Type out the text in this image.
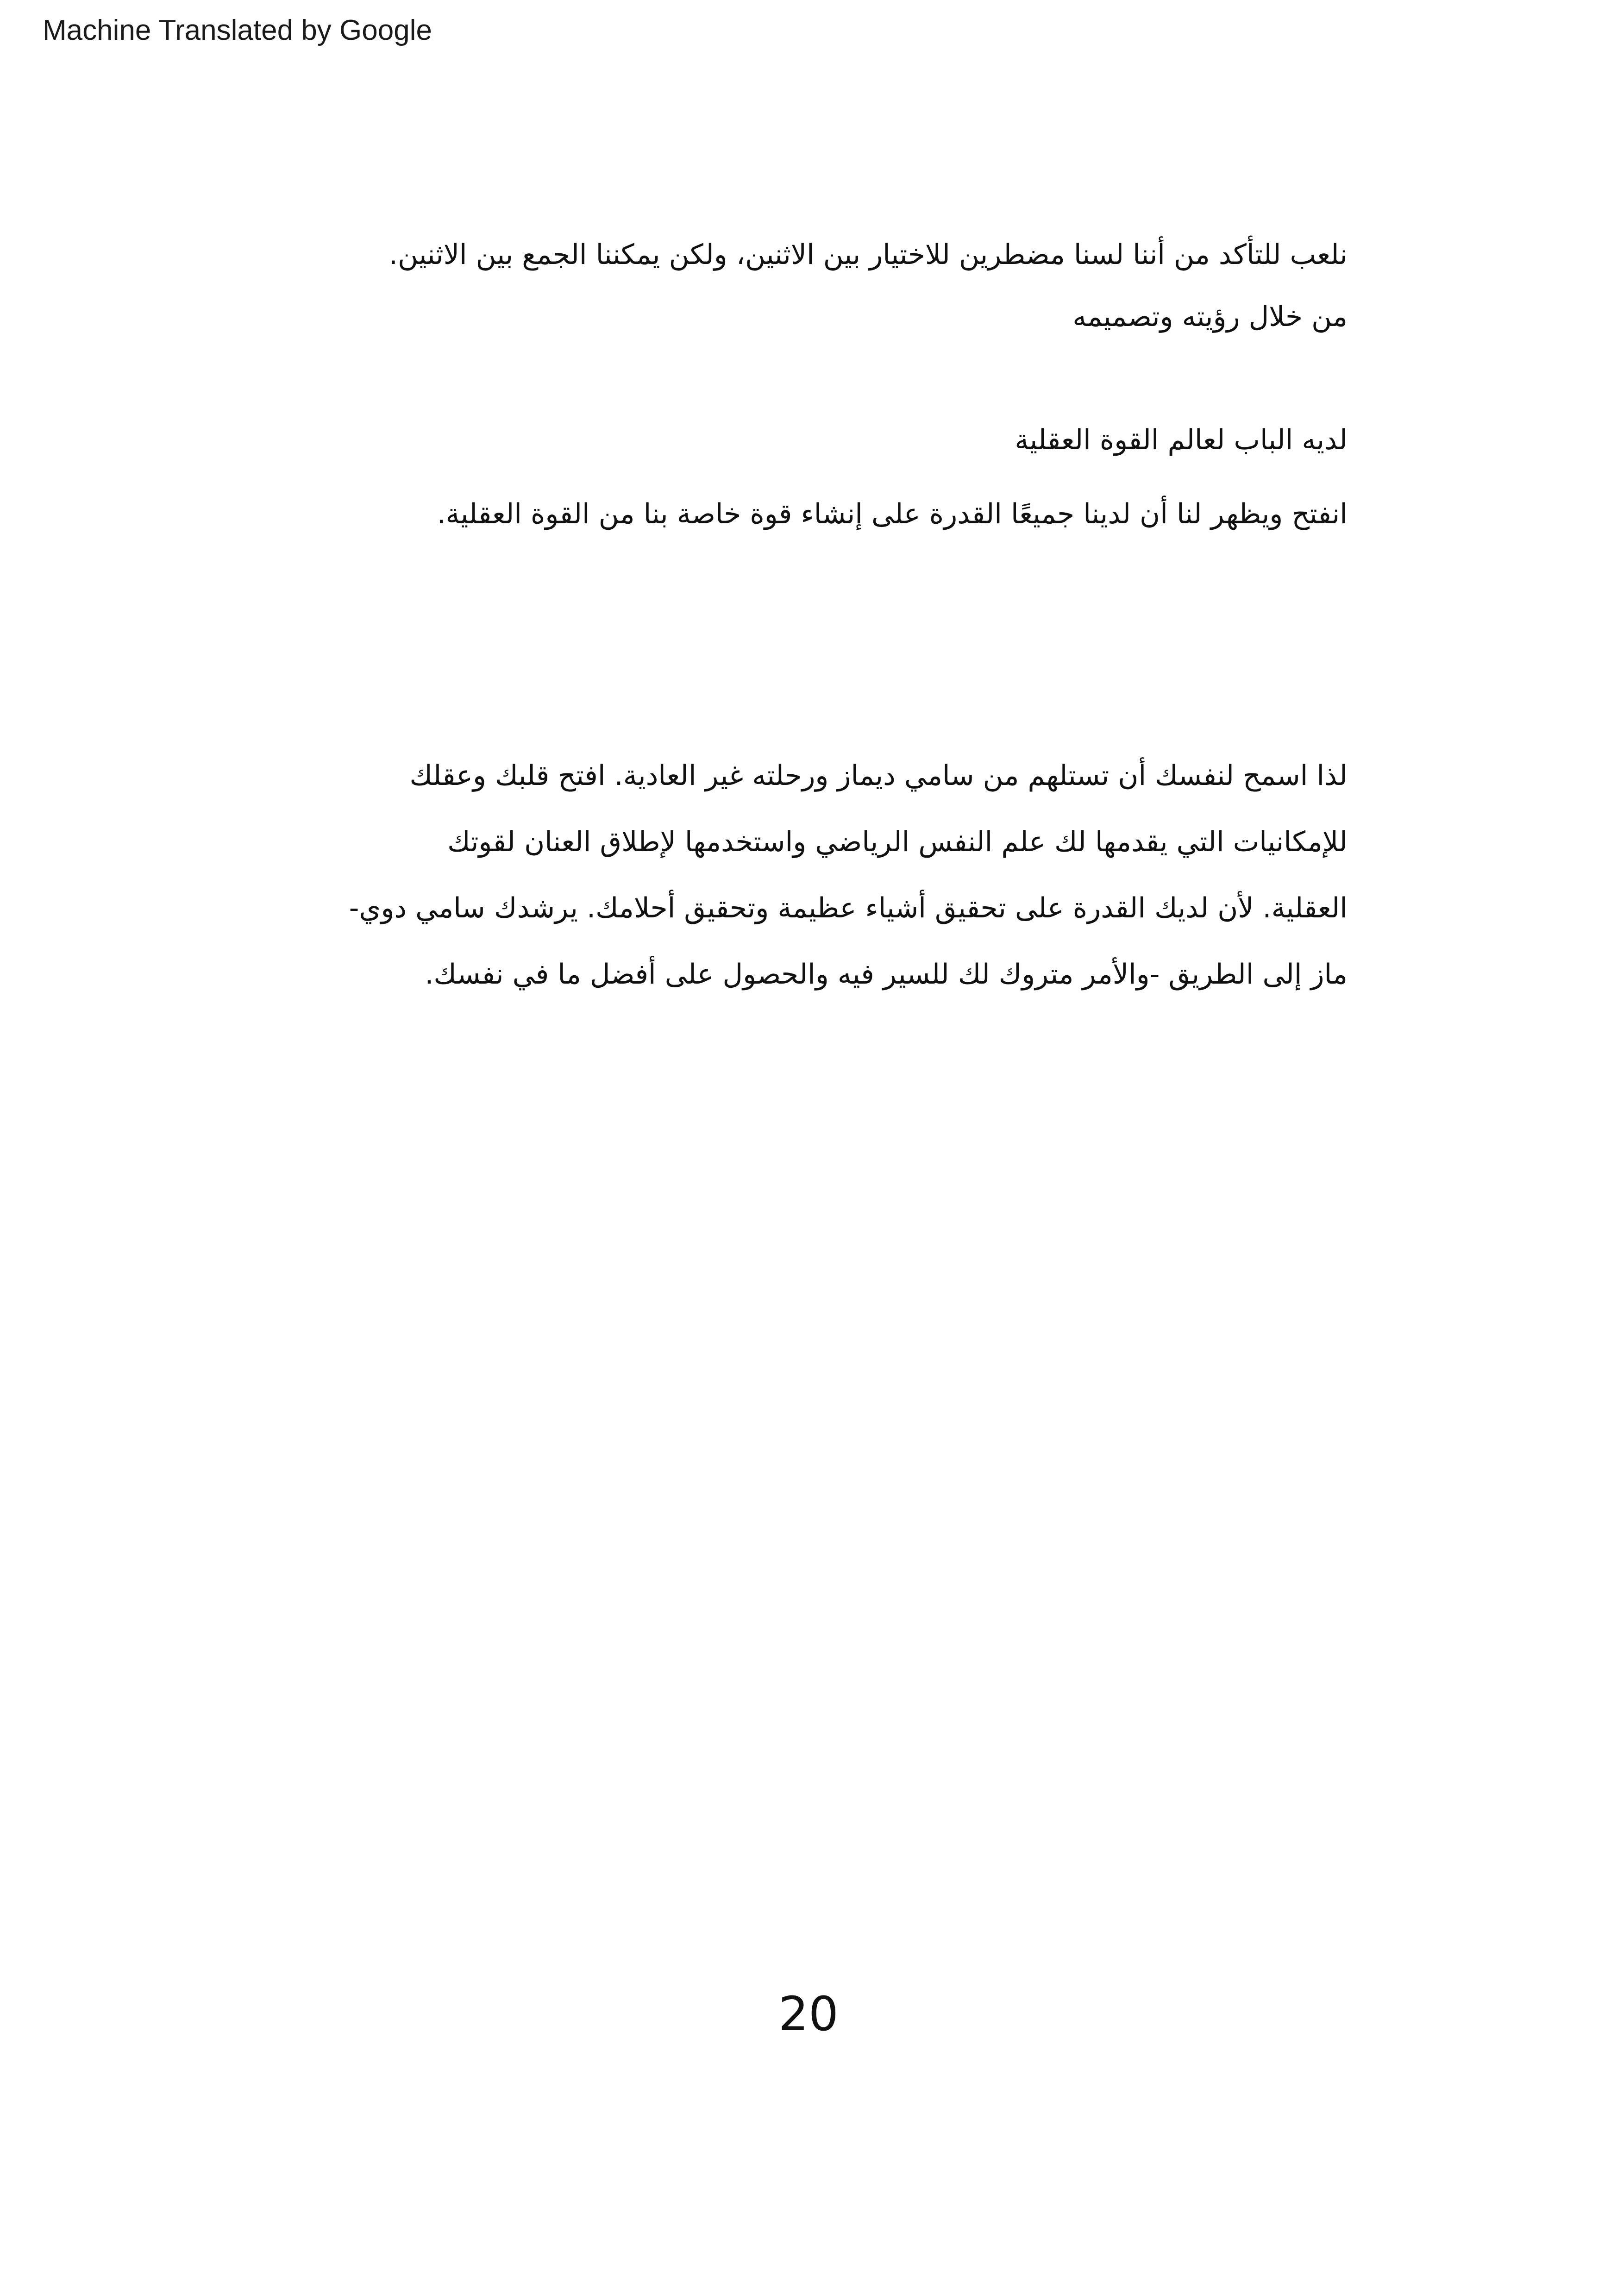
Machine Translated by Google
نلعب للتأكد من أننا لسنا مضطرين للاختيار بين الاثنين، ولكن يمكننا الجمع بين الاثنين.
من خلال رؤيته وتصميمه
لديه الباب لعالم القوة العقلية
انفتح ويظهر لنا أن لدينا جميعًا القدرة على إنشاء قوة خاصة بنا من القوة العقلية.
لذا اسمح لنفسك أن تستلهم من سامي ديماز ورحلته غير العادية. افتح قلبك وعقلك
للإمكانيات التي يقدمها لك علم النفس الرياضي واستخدمها لإطلاق العنان لقوتك
العقلية. لأن لديك القدرة على تحقيق أشياء عظيمة وتحقيق أحلامك. يرشدك سامي دوي-
ماز إلى الطريق -والأمر متروك لك للسير فيه والحصول على أفضل ما في نفسك.
20
